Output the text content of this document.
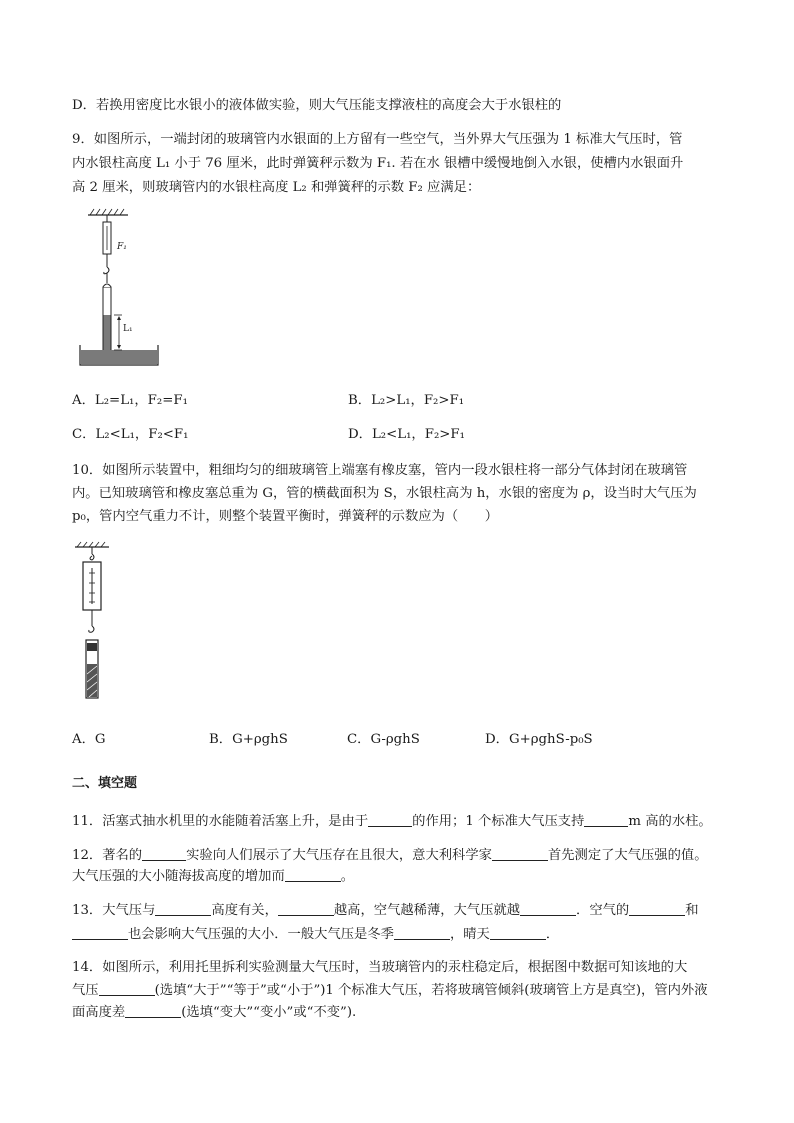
D．若换用密度比水银小的液体做实验，则大气压能支撑液柱的高度会大于水银柱的
9．如图所示，一端封闭的玻璃管内水银面的上方留有一些空气，当外界大气压强为 1 标准大气压时，管
内水银柱高度 L₁ 小于 76 厘米，此时弹簧秤示数为 F₁. 若在水 银槽中缓慢地倒入水银，使槽内水银面升
高 2 厘米，则玻璃管内的水银柱高度 L₂ 和弹簧秤的示数 F₂ 应满足：
L₁
F₁
A．L₂=L₁，F₂=F₁	B．L₂>L₁，F₂>F₁
C．L₂<L₁，F₂<F₁	D．L₂<L₁，F₂>F₁
10．如图所示装置中，粗细均匀的细玻璃管上端塞有橡皮塞，管内一段水银柱将一部分气体封闭在玻璃管
内。已知玻璃管和橡皮塞总重为 G，管的横截面积为 S，水银柱高为 h，水银的密度为 ρ，设当时大气压为
p₀，管内空气重力不计，则整个装置平衡时，弹簧秤的示数应为（　　）
A．G	B．G+ρghS	C．G-ρghS	D．G+ρghS-p₀S
二、填空题
11．活塞式抽水机里的水能随着活塞上升，是由于	的作用；1 个标准大气压支持	m 高的水柱。
12．著名的	实验向人们展示了大气压存在且很大，意大利科学家	首先测定了大气压强的值。
大气压强的大小随海拔高度的增加而	。
13．大气压与	高度有关，	越高，空气越稀薄，大气压就越	．空气的	和
也会影响大气压强的大小．一般大气压是冬季	，晴天	．
14．如图所示，利用托里拆利实验测量大气压时，当玻璃管内的汞柱稳定后，根据图中数据可知该地的大
气压	(选填“大于”“等于”或“小于”)1 个标准大气压，若将玻璃管倾斜(玻璃管上方是真空)，管内外液
面高度差	(选填“变大”“变小”或“不变”).
